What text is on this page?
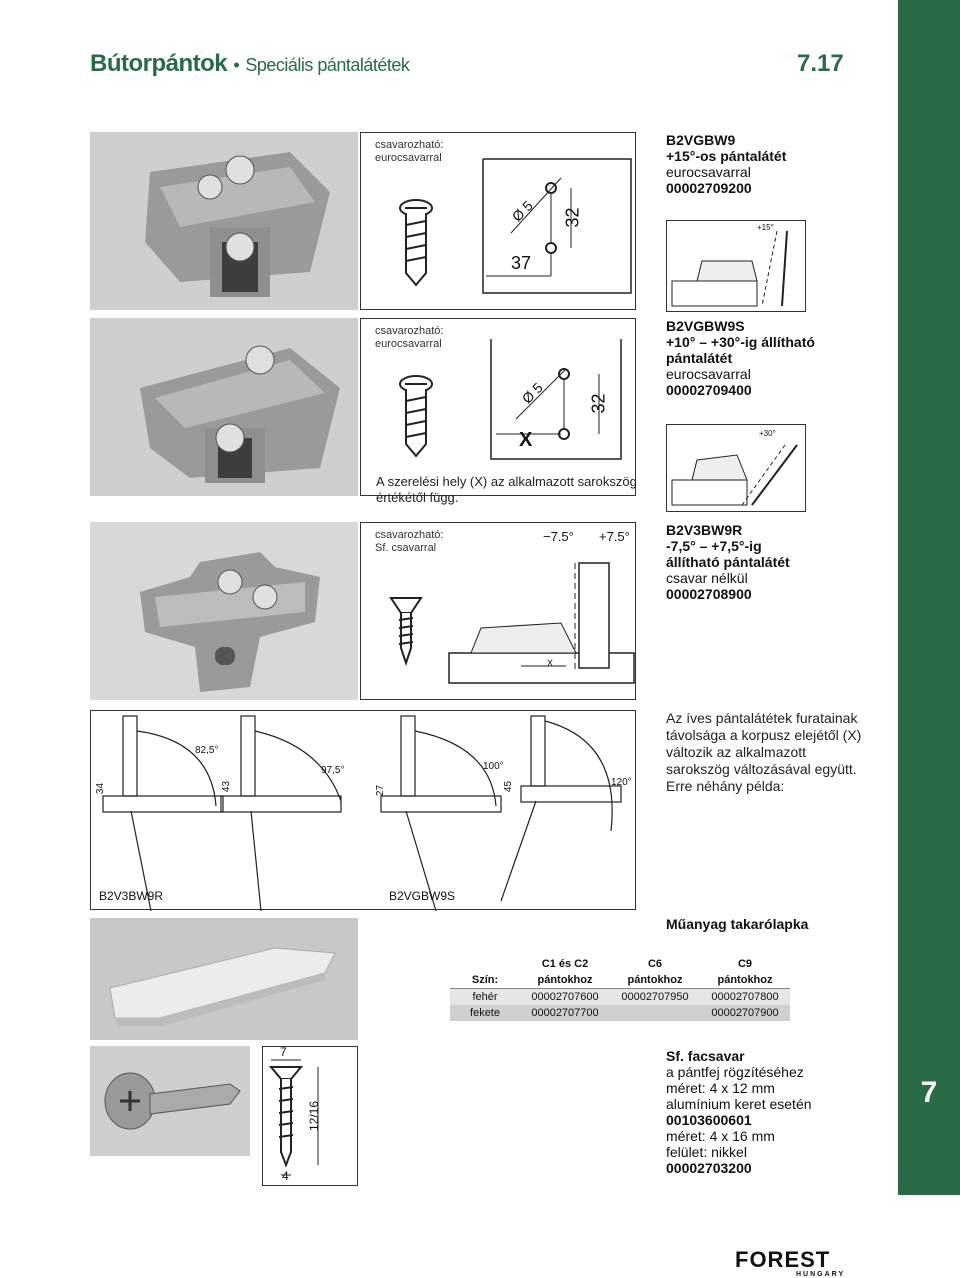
Bútorpántok • Speciális pántalátétek	7.17
7
csavarozható:
eurocsavarral
32
37
Ø 5
B2VGBW9
+15°-os pántalátét
eurocsavarral
00002709200
+15°
csavarozható:
eurocsavarral
32
X
Ø 5
A szerelési hely (X) az alkalmazott sarokszög
értékétől függ.
B2VGBW9S
+10° – +30°-ig állítható
pántalátét
eurocsavarral
00002709400
+30°
csavarozható:
Sf. csavarral
−7.5° +7.5°
X
B2V3BW9R
-7,5° – +7,5°-ig
állítható pántalátét
csavar nélkül
00002708900
34
82,5°
43
97,5°
27
100°
45	120°
B2V3BW9R	B2VGBW9S
Az íves pántalátétek furatainak
távolsága a korpusz elejétől (X)
változik az alkalmazott
sarokszög változásával együtt.
Erre néhány példa:
Műanyag takarólapka
	C1 és C2	C6	C9
Szín:	pántokhoz	pántokhoz	pántokhoz
fehér	00002707600	00002707950	00002707800
fekete	00002707700		00002707900
7
12/16
4
Sf. facsavar
a pántfej rögzítéséhez
méret: 4 x 12 mm
alumínium keret esetén
00103600601
méret: 4 x 16 mm
felület: nikkel
00002703200
FOREST
HUNGARY
